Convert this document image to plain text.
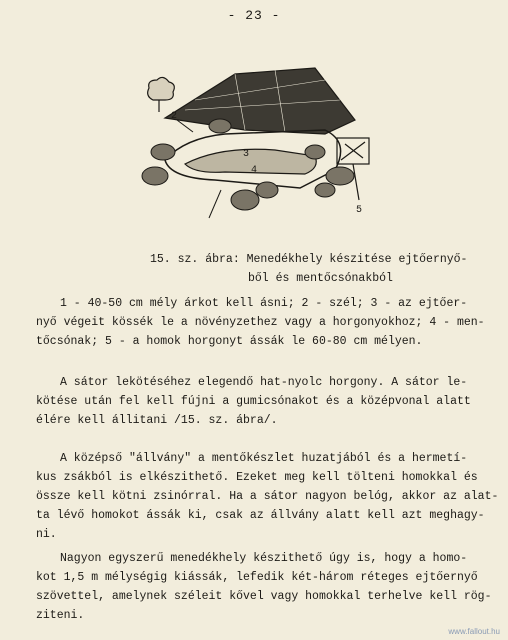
- 23 -
2
3
4
5
15. sz. ábra: Menedékhely készitése ejtőernyő-
ből és mentőcsónakból

1 - 40-50 cm mély árkot kell ásni; 2 - szél; 3 - az ejtőer-
nyő végeit kössék le a növényzethez vagy a horgonyokhoz; 4 - men-
tőcsónak; 5 - a homok horgonyt ássák le 60-80 cm mélyen.

A sátor lekötéséhez elegendő hat-nyolc horgony. A sátor le-
kötése után fel kell fújni a gumicsónakot és a középvonal alatt
élére kell állitani /15. sz. ábra/.

A középső "állvány" a mentőkészlet huzatjából és a hermetí-
kus zsákból is elkészithető. Ezeket meg kell tölteni homokkal és
össze kell kötni zsinórral. Ha a sátor nagyon belóg, akkor az alat-
ta lévő homokot ássák ki, csak az állvány alatt kell azt meghagy-
ni.

Nagyon egyszerű menedékhely készithető úgy is, hogy a homo-
kot 1,5 m mélységig kiássák, lefedik két-három réteges ejtőernyő
szövettel, amelynek széleit kővel vagy homokkal terhelve kell rög-
ziteni.

www.fallout.hu
